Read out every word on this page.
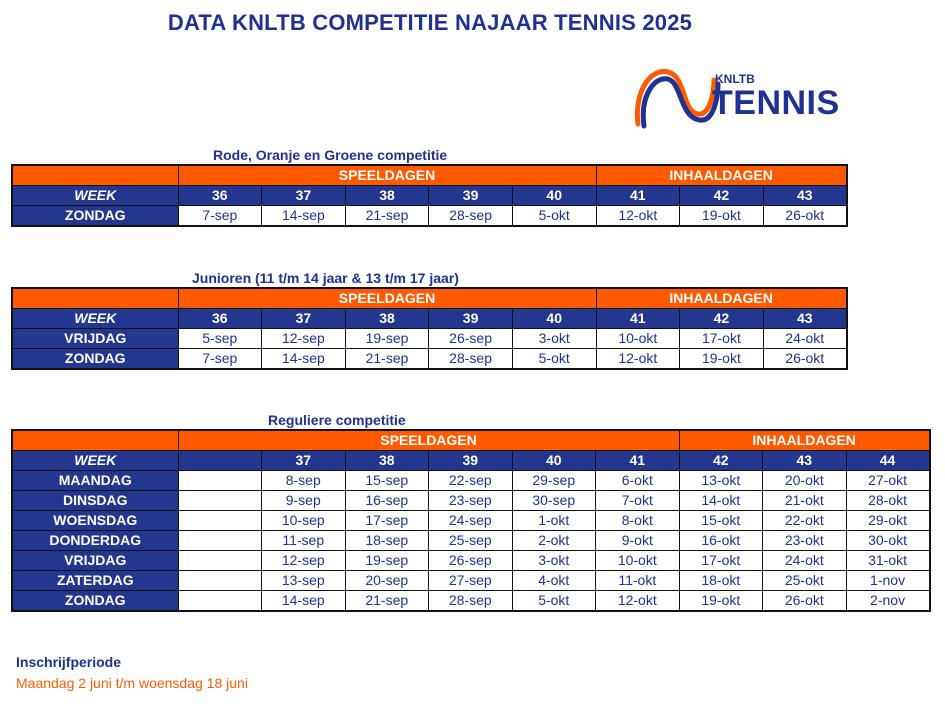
DATA KNLTB COMPETITIE NAJAAR TENNIS 2025
KNLTB
TENNIS
Rode, Oranje en Groene competitie
	SPEELDAGEN					INHAALDAGEN		
WEEK	36	37	38	39	40	41	42	43
ZONDAG	7-sep	14-sep	21-sep	28-sep	5-okt	12-okt	19-okt	26-okt
Junioren (11 t/m 14 jaar & 13 t/m 17 jaar)
	SPEELDAGEN					INHAALDAGEN		
WEEK	36	37	38	39	40	41	42	43
VRIJDAG	5-sep	12-sep	19-sep	26-sep	3-okt	10-okt	17-okt	24-okt
ZONDAG	7-sep	14-sep	21-sep	28-sep	5-okt	12-okt	19-okt	26-okt
Reguliere competitie
	SPEELDAGEN						INHAALDAGEN		
WEEK		37	38	39	40	41	42	43	44
MAANDAG		8-sep	15-sep	22-sep	29-sep	6-okt	13-okt	20-okt	27-okt
DINSDAG		9-sep	16-sep	23-sep	30-sep	7-okt	14-okt	21-okt	28-okt
WOENSDAG		10-sep	17-sep	24-sep	1-okt	8-okt	15-okt	22-okt	29-okt
DONDERDAG		11-sep	18-sep	25-sep	2-okt	9-okt	16-okt	23-okt	30-okt
VRIJDAG		12-sep	19-sep	26-sep	3-okt	10-okt	17-okt	24-okt	31-okt
ZATERDAG		13-sep	20-sep	27-sep	4-okt	11-okt	18-okt	25-okt	1-nov
ZONDAG		14-sep	21-sep	28-sep	5-okt	12-okt	19-okt	26-okt	2-nov
Inschrijfperiode
Maandag 2 juni t/m woensdag 18 juni
